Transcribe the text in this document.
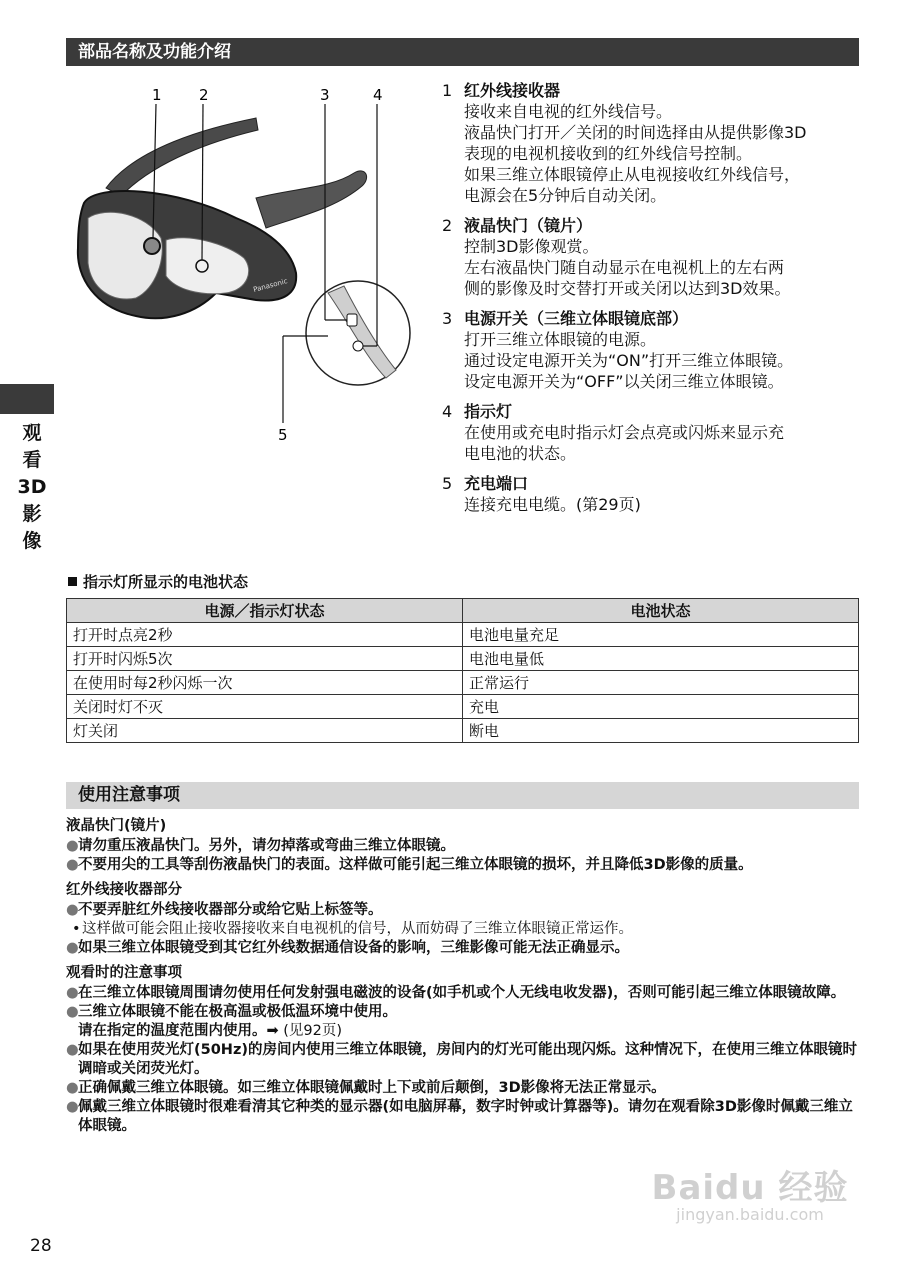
部品名称及功能介绍
观
看
3D
影
像
1 2	3	4
5
Panasonic
1 红外线接收器
接收来自电视的红外线信号。
液晶快门打开／关闭的时间选择由从提供影像3D
表现的电视机接收到的红外线信号控制。
如果三维立体眼镜停止从电视接收红外线信号，
电源会在5分钟后自动关闭。
2 液晶快门（镜片）
控制3D影像观赏。
左右液晶快门随自动显示在电视机上的左右两
侧的影像及时交替打开或关闭以达到3D效果。
3 电源开关（三维立体眼镜底部）
打开三维立体眼镜的电源。
通过设定电源开关为“ON”打开三维立体眼镜。
设定电源开关为“OFF”以关闭三维立体眼镜。
4 指示灯
在使用或充电时指示灯会点亮或闪烁来显示充
电电池的状态。
5 充电端口
连接充电电缆。(第29页)
指示灯所显示的电池状态
电源／指示灯状态	电池状态
打开时点亮2秒	电池电量充足
打开时闪烁5次	电池电量低
在使用时每2秒闪烁一次	正常运行
关闭时灯不灭	充电
灯关闭	断电
使用注意事项
液晶快门(镜片)
● 请勿重压液晶快门。另外，请勿掉落或弯曲三维立体眼镜。
● 不要用尖的工具等刮伤液晶快门的表面。这样做可能引起三维立体眼镜的损坏，并且降低3D影像的质量。
红外线接收器部分
● 不要弄脏红外线接收器部分或给它贴上标签等。
• 这样做可能会阻止接收器接收来自电视机的信号，从而妨碍了三维立体眼镜正常运作。
● 如果三维立体眼镜受到其它红外线数据通信设备的影响，三维影像可能无法正确显示。
观看时的注意事项
● 在三维立体眼镜周围请勿使用任何发射强电磁波的设备(如手机或个人无线电收发器)，否则可能引起三维立体眼镜故障。
● 三维立体眼镜不能在极高温或极低温环境中使用。
请在指定的温度范围内使用。➡ (见92页)
● 如果在使用荧光灯(50Hz)的房间内使用三维立体眼镜，房间内的灯光可能出现闪烁。这种情况下，在使用三维立体眼镜时调暗或关闭荧光灯。
● 正确佩戴三维立体眼镜。如三维立体眼镜佩戴时上下或前后颠倒，3D影像将无法正常显示。
● 佩戴三维立体眼镜时很难看清其它种类的显示器(如电脑屏幕，数字时钟或计算器等)。请勿在观看除3D影像时佩戴三维立体眼镜。
28
Baidu 经验
jingyan.baidu.com
